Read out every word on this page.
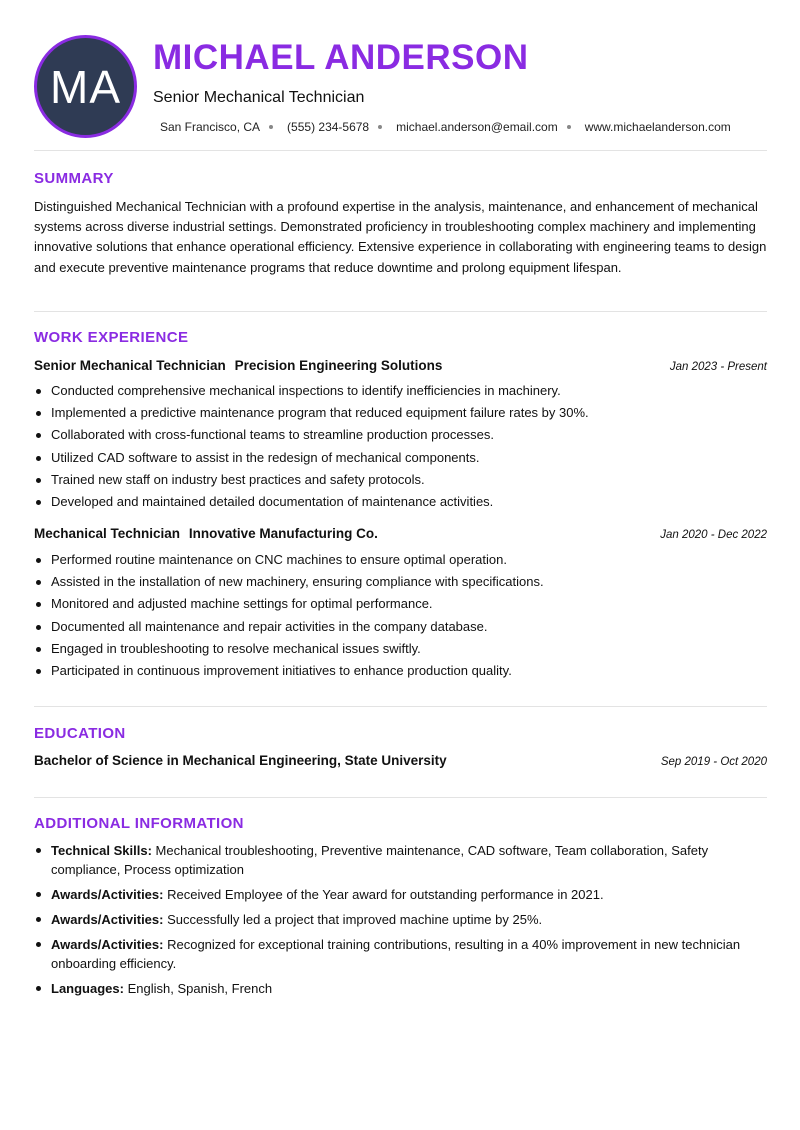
MA
MICHAEL ANDERSON
Senior Mechanical Technician
San Francisco, CA (555) 234-5678 michael.anderson@email.com www.michaelanderson.com
SUMMARY
Distinguished Mechanical Technician with a profound expertise in the analysis, maintenance, and enhancement of mechanical systems across diverse industrial settings. Demonstrated proficiency in troubleshooting complex machinery and implementing innovative solutions that enhance operational efficiency. Extensive experience in collaborating with engineering teams to design and execute preventive maintenance programs that reduce downtime and prolong equipment lifespan.
WORK EXPERIENCE
Senior Mechanical Technician Precision Engineering Solutions	Jan 2023 - Present
Conducted comprehensive mechanical inspections to identify inefficiencies in machinery.
Implemented a predictive maintenance program that reduced equipment failure rates by 30%.
Collaborated with cross-functional teams to streamline production processes.
Utilized CAD software to assist in the redesign of mechanical components.
Trained new staff on industry best practices and safety protocols.
Developed and maintained detailed documentation of maintenance activities.
Mechanical Technician Innovative Manufacturing Co.	Jan 2020 - Dec 2022
Performed routine maintenance on CNC machines to ensure optimal operation.
Assisted in the installation of new machinery, ensuring compliance with specifications.
Monitored and adjusted machine settings for optimal performance.
Documented all maintenance and repair activities in the company database.
Engaged in troubleshooting to resolve mechanical issues swiftly.
Participated in continuous improvement initiatives to enhance production quality.
EDUCATION
Bachelor of Science in Mechanical Engineering, State University	Sep 2019 - Oct 2020
ADDITIONAL INFORMATION
Technical Skills: Mechanical troubleshooting, Preventive maintenance, CAD software, Team collaboration, Safety compliance, Process optimization
Awards/Activities: Received Employee of the Year award for outstanding performance in 2021.
Awards/Activities: Successfully led a project that improved machine uptime by 25%.
Awards/Activities: Recognized for exceptional training contributions, resulting in a 40% improvement in new technician onboarding efficiency.
Languages: English, Spanish, French
